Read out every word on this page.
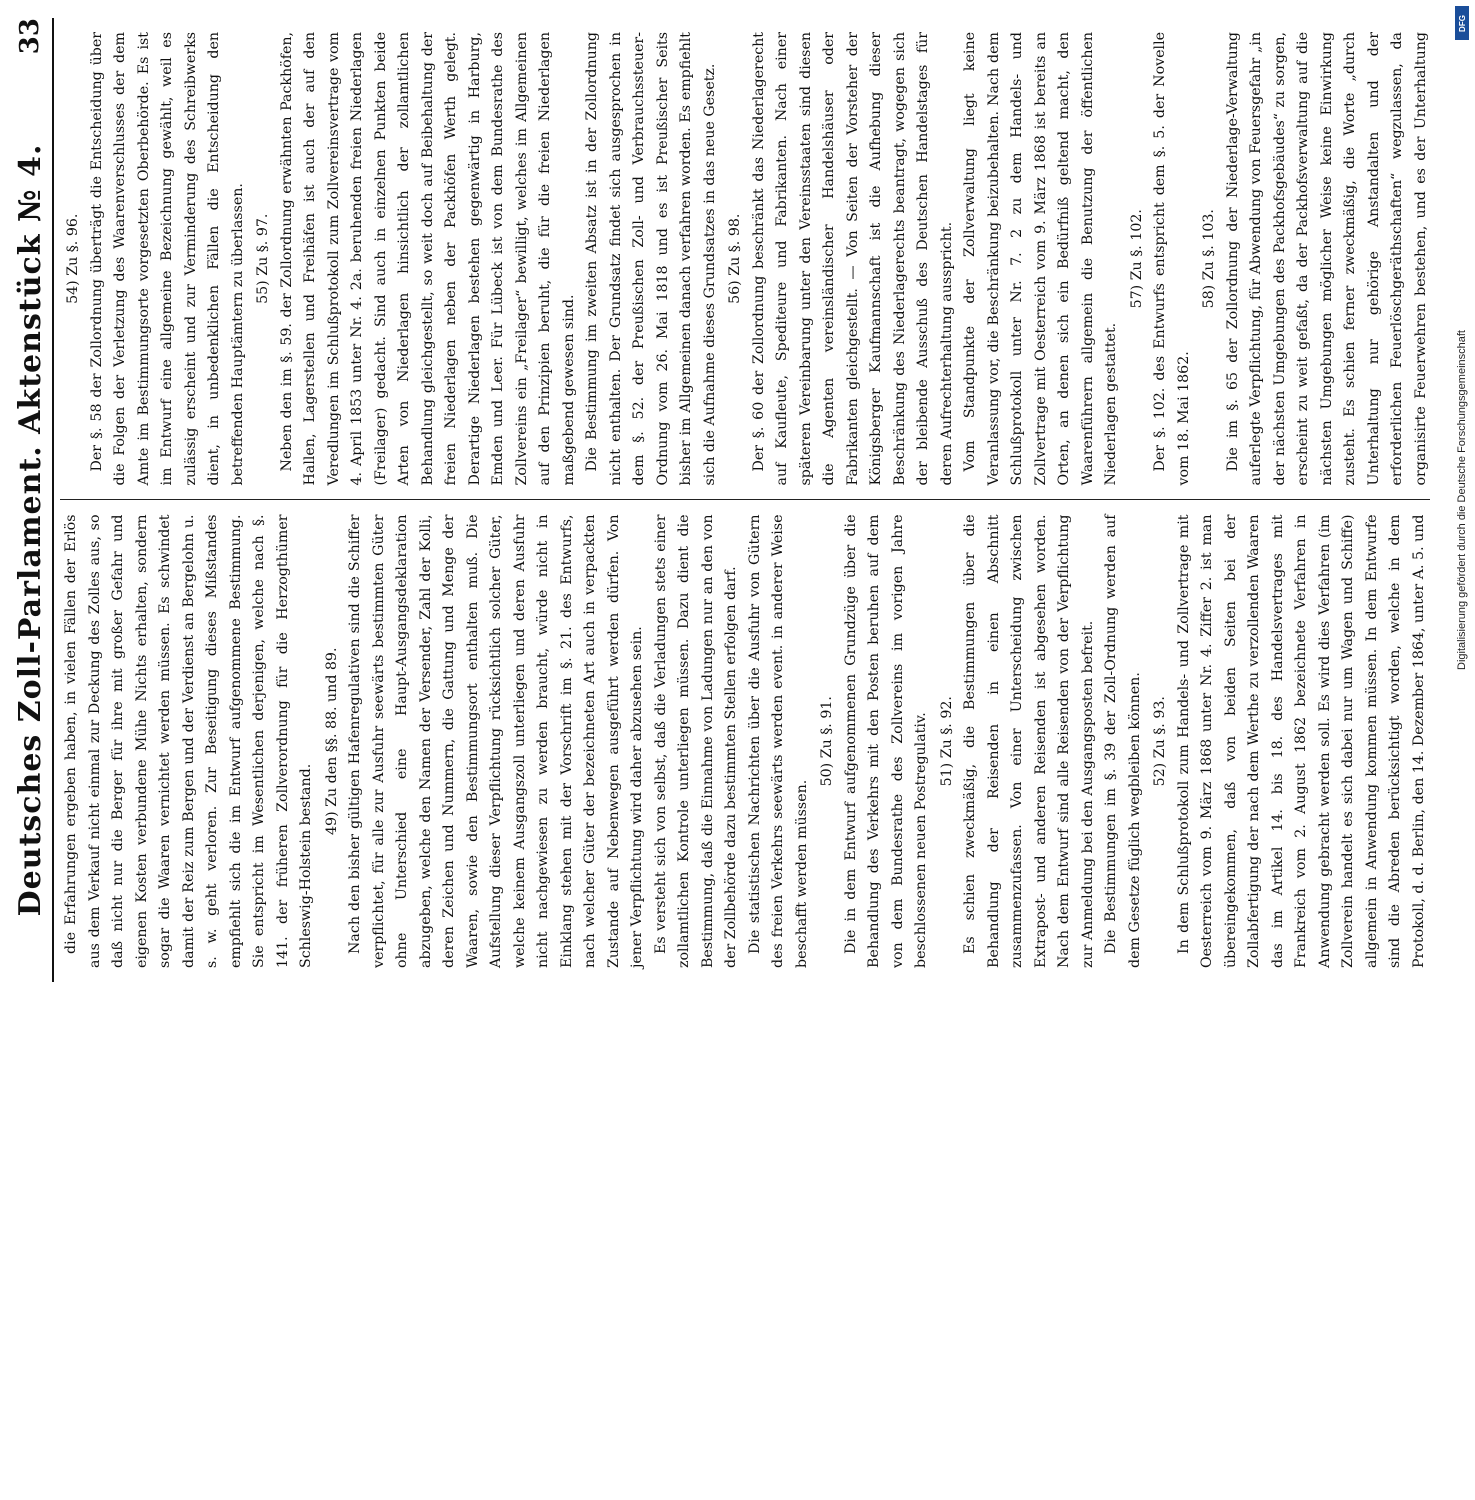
Deutsches Zoll-Parlament. Aktenstück № 4.
33

die Erfahrungen ergeben haben, in vielen Fällen der Erlös aus dem Verkauf nicht einmal zur Deckung des Zolles aus, so daß nicht nur die Berger für ihre mit großer Gefahr und eigenen Kosten verbundene Mühe Nichts erhalten, sondern sogar die Waaren vernichtet werden müssen. Es schwindet damit der Reiz zum Bergen und der Verdienst an Bergelohn u. s. w. geht verloren. Zur Beseitigung dieses Mißstandes empfiehlt sich die im Entwurf aufgenommene Bestimmung. Sie entspricht im Wesentlichen derjenigen, welche nach §. 141. der früheren Zollverordnung für die Herzogthümer Schleswig-Holstein bestand.

49) Zu den §§. 88. und 89. Nach den bisher gültigen Hafenregulativen sind die Schiffer verpflichtet, für alle zur Ausfuhr seewärts bestimmten Güter ohne Unterschied eine Haupt-Ausgangsdeklaration abzugeben, welche den Namen der Versender, Zahl der Kolli, deren Zeichen und Nummern, die Gattung und Menge der Waaren, sowie den Bestimmungsort enthalten muß. Die Aufstellung dieser Verpflichtung rücksichtlich solcher Güter, welche keinem Ausgangszoll unterliegen und deren Ausfuhr nicht nachgewiesen zu werden braucht, würde nicht in Einklang stehen mit der Vorschrift im §. 21. des Entwurfs, nach welcher Güter der bezeichneten Art auch in verpackten Zustande auf Nebenwegen ausgeführt werden dürfen. Von jener Verpflichtung wird daher abzusehen sein. Es versteht sich von selbst, daß die Verladungen stets einer zollamtlichen Kontrole unterliegen müssen. Dazu dient die Bestimmung, daß die Einnahme von Ladungen nur an den von der Zollbehörde dazu bestimmten Stellen erfolgen darf. Die statistischen Nachrichten über die Ausfuhr von Gütern des freien Verkehrs seewärts werden event. in anderer Weise beschafft werden müssen.

50) Zu §. 91. Die in dem Entwurf aufgenommenen Grundzüge über die Behandlung des Verkehrs mit den Posten beruhen auf dem von dem Bundesrathe des Zollvereins im vorigen Jahre beschlossenen neuen Postregulativ. 51) Zu §. 92. Es schien zweckmäßig, die Bestimmungen über die Behandlung der Reisenden in einen Abschnitt zusammenzufassen. Von einer Unterscheidung zwischen Extrapost- und anderen Reisenden ist abgesehen worden. Nach dem Entwurf sind alle Reisenden von der Verpflichtung zur Anmeldung bei den Ausgangsposten befreit. Die Bestimmungen im §. 39 der Zoll-Ordnung werden auf dem Gesetze füglich wegbleiben können. 52) Zu §. 93.

In dem Schlußprotokoll zum Handels- und Zollvertrage mit Oesterreich vom 9. März 1868 unter Nr. 4. Ziffer 2. ist man übereingekommen, daß von beiden Seiten bei der Zollabfertigung der nach dem Werthe zu verzollenden Waaren das im Artikel 14. bis 18. des Handelsvertrages mit Frankreich vom 2. August 1862 bezeichnete Verfahren in Anwendung gebracht werden soll. Es wird dies Verfahren (im Zollverein handelt es sich dabei nur um Wagen und Schiffe) allgemein in Anwendung kommen müssen. In dem Entwurfe sind die Abreden berücksichtigt worden, welche in dem Protokoll, d. d. Berlin, den 14. Dezember 1864, unter A. 5. und

54) Zu §. 96. Der §. 58 der Zollordnung überträgt die Entscheidung über die Folgen der Verletzung des Waarenverschlusses der dem Amte im Bestimmungsorte vorgesetzten Oberbehörde. Es ist im Entwurf eine allgemeine Bezeichnung gewählt, weil es zulässig erscheint und zur Verminderung des Schreibwerks dient, in unbedenklichen Fällen die Entscheidung den betreffenden Hauptämtern zu überlassen. 55) Zu §. 97. Neben den im §. 59. der Zollordnung erwähnten Packhöfen, Hallen, Lagerstellen und Freihäfen ist auch der auf den Veredlungen im Schlußprotokoll zum Zollvereinsvertrage vom 4. April 1853 unter Nr. 4. 2a. beruhenden freien Niederlagen (Freilager) gedacht. Sind auch in einzelnen Punkten beide Arten von Niederlagen hinsichtlich der zollamtlichen Behandlung gleichgestellt, so weit doch auf Beibehaltung der freien Niederlagen neben der Packhöfen Werth gelegt. Derartige Niederlagen bestehen gegenwärtig in Harburg, Emden und Leer. Für Lübeck ist von dem Bundesrathe des Zollvereins ein „Freilager“ bewilligt, welches im Allgemeinen auf den Prinzipien beruht, die für die freien Niederlagen maßgebend gewesen sind. Die Bestimmung im zweiten Absatz ist in der Zollordnung nicht enthalten. Der Grundsatz findet sich ausgesprochen in dem §. 52. der Preußischen Zoll- und Verbrauchssteuer-Ordnung vom 26. Mai 1818 und es ist Preußischer Seits bisher im Allgemeinen danach verfahren worden. Es empfiehlt sich die Aufnahme dieses Grundsatzes in das neue Gesetz. 56) Zu §. 98. Der §. 60 der Zollordnung beschränkt das Niederlagerecht auf Kaufleute, Spediteure und Fabrikanten. Nach einer späteren Vereinbarung unter den Vereinsstaaten sind diesen die Agenten vereinsländischer Handelshäuser oder Fabrikanten gleichgestellt. — Von Seiten der Vorsteher der Königsberger Kaufmannschaft ist die Aufhebung dieser Beschränkung des Niederlagerechts beantragt, wogegen sich der bleibende Ausschuß des Deutschen Handelstages für deren Aufrechterhaltung ausspricht. Vom Standpunkte der Zollverwaltung liegt keine Veranlassung vor, die Beschränkung beizubehalten. Nach dem Schlußprotokoll unter Nr. 7. 2 zu dem Handels- und Zollvertrage mit Oesterreich vom 9. März 1868 ist bereits an Orten, an denen sich ein Bedürfniß geltend macht, den Waarenführern allgemein die Benutzung der öffentlichen Niederlagen gestattet.

57) Zu §. 102. Der §. 102. des Entwurfs entspricht dem §. 5. der Novelle vom 18. Mai 1862.

58) Zu §. 103.

Die im §. 65 der Zollordnung der Niederlage-Verwaltung auferlegte Verpflichtung, für Abwendung von Feuersgefahr „in der nächsten Umgebungen des Packhofsgebäudes“ zu sorgen, erscheint zu weit gefaßt, da der Packhofsverwaltung auf die nächsten Umgebungen möglicher Weise keine Einwirkung zusteht. Es schien ferner zweckmäßig, die Worte „durch Unterhaltung nur gehörige Anstandalten und der erforderlichen Feuerlöschgeräthschaften“ wegzulassen, da organisirte Feuerwehren bestehen, und es der Unterhaltung

DFG
Digitalisierung gefördert durch die Deutsche Forschungsgemeinschaft
